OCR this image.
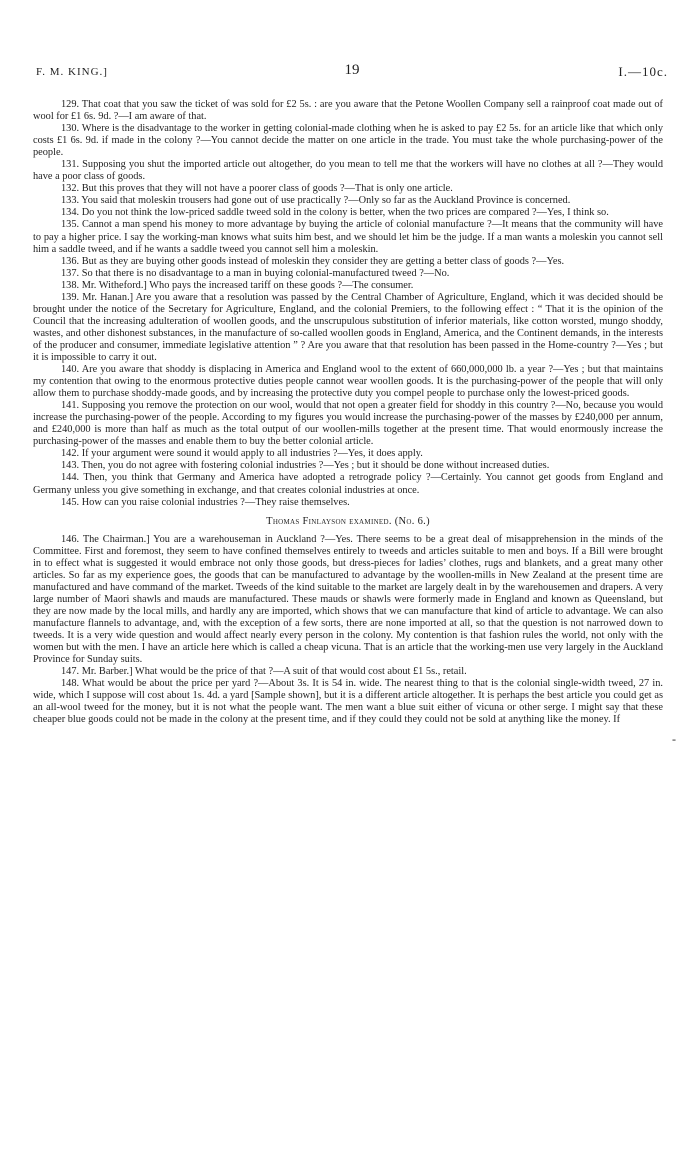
F. M. KING.]	19	I.—10c.

129. That coat that you saw the ticket of was sold for £2 5s. : are you aware that the Petone Woollen Company sell a rainproof coat made out of wool for £1 6s. 9d. ?—I am aware of that.

130. Where is the disadvantage to the worker in getting colonial-made clothing when he is asked to pay £2 5s. for an article like that which only costs £1 6s. 9d. if made in the colony ?—You cannot decide the matter on one article in the trade. You must take the whole purchasing-power of the people.

131. Supposing you shut the imported article out altogether, do you mean to tell me that the workers will have no clothes at all ?—They would have a poor class of goods.

132. But this proves that they will not have a poorer class of goods ?—That is only one article.

133. You said that moleskin trousers had gone out of use practically ?—Only so far as the Auckland Province is concerned.

134. Do you not think the low-priced saddle tweed sold in the colony is better, when the two prices are compared ?—Yes, I think so.

135. Cannot a man spend his money to more advantage by buying the article of colonial manufacture ?—It means that the community will have to pay a higher price. I say the working-man knows what suits him best, and we should let him be the judge. If a man wants a moleskin you cannot sell him a saddle tweed, and if he wants a saddle tweed you cannot sell him a moleskin.

136. But as they are buying other goods instead of moleskin they consider they are getting a better class of goods ?—Yes.

137. So that there is no disadvantage to a man in buying colonial-manufactured tweed ?—No.

138. Mr. Witheford.] Who pays the increased tariff on these goods ?—The consumer.

139. Mr. Hanan.] Are you aware that a resolution was passed by the Central Chamber of Agriculture, England, which it was decided should be brought under the notice of the Secretary for Agriculture, England, and the colonial Premiers, to the following effect : “ That it is the opinion of the Council that the increasing adulteration of woollen goods, and the unscrupulous substitution of inferior materials, like cotton worsted, mungo shoddy, wastes, and other dishonest substances, in the manufacture of so-called woollen goods in England, America, and the Continent demands, in the interests of the producer and consumer, immediate legislative attention ” ? Are you aware that that resolution has been passed in the Home-country ?—Yes ; but it is impossible to carry it out.

140. Are you aware that shoddy is displacing in America and England wool to the extent of 660,000,000 lb. a year ?—Yes ; but that maintains my contention that owing to the enormous protective duties people cannot wear woollen goods. It is the purchasing-power of the people that will only allow them to purchase shoddy-made goods, and by increasing the protective duty you compel people to purchase only the lowest-priced goods.

141. Supposing you remove the protection on our wool, would that not open a greater field for shoddy in this country ?—No, because you would increase the purchasing-power of the people. According to my figures you would increase the purchasing-power of the masses by £240,000 per annum, and £240,000 is more than half as much as the total output of our woollen-mills together at the present time. That would enormously increase the purchasing-power of the masses and enable them to buy the better colonial article.

142. If your argument were sound it would apply to all industries ?—Yes, it does apply.

143. Then, you do not agree with fostering colonial industries ?—Yes ; but it should be done without increased duties.

144. Then, you think that Germany and America have adopted a retrograde policy ?—Certainly. You cannot get goods from England and Germany unless you give something in exchange, and that creates colonial industries at once.

145. How can you raise colonial industries ?—They raise themselves.

Thomas Finlayson examined. (No. 6.)

146. The Chairman.] You are a warehouseman in Auckland ?—Yes. There seems to be a great deal of misapprehension in the minds of the Committee. First and foremost, they seem to have confined themselves entirely to tweeds and articles suitable to men and boys. If a Bill were brought in to effect what is suggested it would embrace not only those goods, but dress-pieces for ladies’ clothes, rugs and blankets, and a great many other articles. So far as my experience goes, the goods that can be manufactured to advantage by the woollen-mills in New Zealand at the present time are manufactured and have command of the market. Tweeds of the kind suitable to the market are largely dealt in by the warehousemen and drapers. A very large number of Maori shawls and mauds are manufactured. These mauds or shawls were formerly made in England and known as Queensland, but they are now made by the local mills, and hardly any are imported, which shows that we can manufacture that kind of article to advantage. We can also manufacture flannels to advantage, and, with the exception of a few sorts, there are none imported at all, so that the question is not narrowed down to tweeds. It is a very wide question and would affect nearly every person in the colony. My contention is that fashion rules the world, not only with the women but with the men. I have an article here which is called a cheap vicuna. That is an article that the working-men use very largely in the Auckland Province for Sunday suits.

147. Mr. Barber.] What would be the price of that ?—A suit of that would cost about £1 5s., retail.

148. What would be about the price per yard ?—About 3s. It is 54 in. wide. The nearest thing to that is the colonial single-width tweed, 27 in. wide, which I suppose will cost about 1s. 4d. a yard [Sample shown], but it is a different article altogether. It is perhaps the best article you could get as an all-wool tweed for the money, but it is not what the people want. The men want a blue suit either of vicuna or other serge. I might say that these cheaper blue goods could not be made in the colony at the present time, and if they could they could not be sold at anything like the money. If

-
